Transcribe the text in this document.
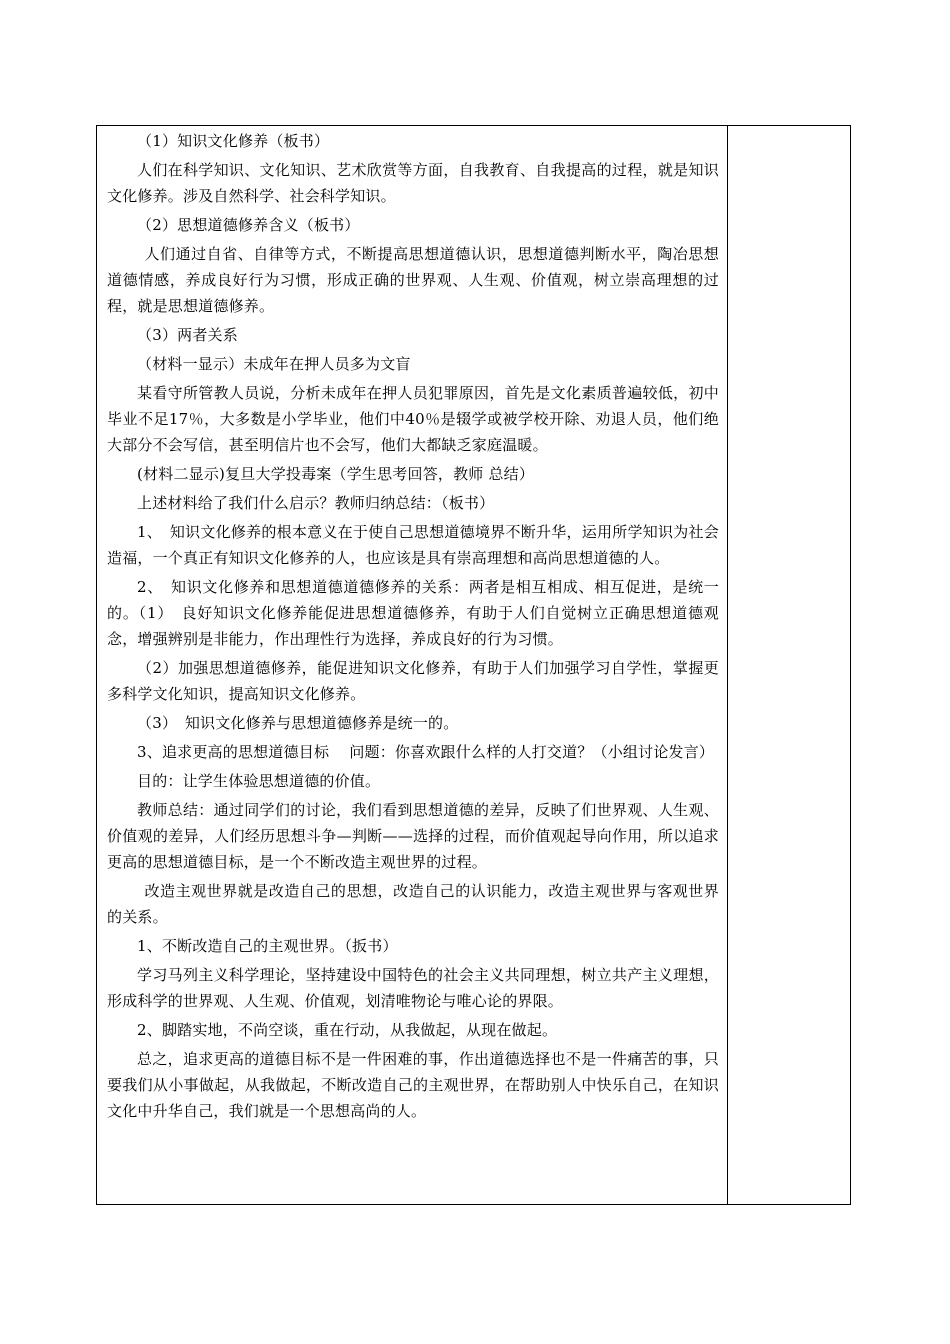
（1）知识文化修养（板书）

人们在科学知识、文化知识、艺术欣赏等方面，自我教育、自我提高的过程，就是知识文化修养。涉及自然科学、社会科学知识。

（2）思想道德修养含义（板书）

人们通过自省、自律等方式，不断提高思想道德认识，思想道德判断水平，陶冶思想道德情感，养成良好行为习惯，形成正确的世界观、人生观、价值观，树立崇高理想的过程，就是思想道德修养。

（3）两者关系

（材料一显示）未成年在押人员多为文盲

某看守所管教人员说，分析未成年在押人员犯罪原因，首先是文化素质普遍较低，初中毕业不足17％，大多数是小学毕业，他们中40％是辍学或被学校开除、劝退人员，他们绝大部分不会写信，甚至明信片也不会写，他们大都缺乏家庭温暖。

(材料二显示)复旦大学投毒案（学生思考回答，教师 总结）

上述材料给了我们什么启示？教师归纳总结：（板书）

1、　知识文化修养的根本意义在于使自己思想道德境界不断升华，运用所学知识为社会造福，一个真正有知识文化修养的人，也应该是具有崇高理想和高尚思想道德的人。

2、　知识文化修养和思想道德道德修养的关系：两者是相互相成、相互促进，是统一的。（1）　良好知识文化修养能促进思想道德修养，有助于人们自觉树立正确思想道德观念，增强辨别是非能力，作出理性行为选择，养成良好的行为习惯。

（2）加强思想道德修养，能促进知识文化修养，有助于人们加强学习自学性，掌握更多科学文化知识，提高知识文化修养。

（3）　知识文化修养与思想道德修养是统一的。

3、追求更高的思想道德目标　 问题：你喜欢跟什么样的人打交道？（小组讨论发言）

目的：让学生体验思想道德的价值。

教师总结：通过同学们的讨论，我们看到思想道德的差异，反映了们世界观、人生观、价值观的差异，人们经历思想斗争—判断——选择的过程，而价值观起导向作用，所以追求更高的思想道德目标，是一个不断改造主观世界的过程。

改造主观世界就是改造自己的思想，改造自己的认识能力，改造主观世界与客观世界的关系。

1、不断改造自己的主观世界。（扳书）

学习马列主义科学理论，坚持建设中国特色的社会主义共同理想，树立共产主义理想，形成科学的世界观、人生观、价值观，划清唯物论与唯心论的界限。

2、脚踏实地，不尚空谈，重在行动，从我做起，从现在做起。

总之，追求更高的道德目标不是一件困难的事，作出道德选择也不是一件痛苦的事，只要我们从小事做起，从我做起，不断改造自己的主观世界，在帮助别人中快乐自己，在知识文化中升华自己，我们就是一个思想高尚的人。
